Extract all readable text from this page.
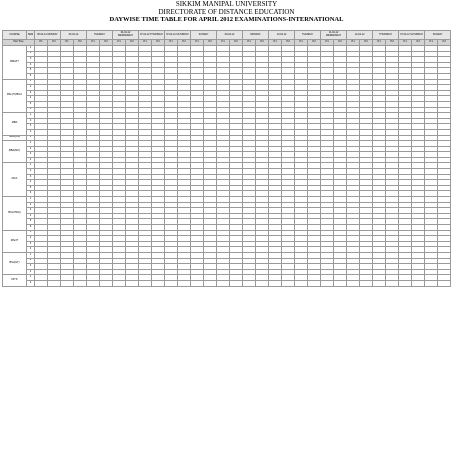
SIKKIM MANIPAL UNIVERSITY
DIRECTORATE OF DISTANCE EDUCATION
DAYWISE TIME TABLE FOR APRIL 2012 EXAMINATIONS-INTERNATIONAL
COURSE	SEM	05-04-12 MONDAY		03-04-12		TUESDAY		04-04-12 WEDNESDAY		07-04-12 THURSDAY		07-04-12 SATURDAY		SUNDAY		09-04-12		MONDAY		10-04-12		TUESDAY		11-04-12 WEDNESDAY		12-04-12		THURSDAY		07-04-12 SATURDAY		SUNDAY	
Part Time		P.1	P.2	P.1	P.2	P.1	P.2	P.1	P.2	P.1	P.2	P.1	P.2	P.1	P.2	P.1	P.2	P.1	P.2	P.1	P.2	P.1	P.2	P.1	P.2	P.1	P.2	P.1	P.2	P.1	P.2	P.1	P.2
MBA/IT	1																																
	2																																
	3																																
	4																																
	5																																
	6																																
BSc(IT)/BCA	1																																
	2																																
	3																																
	4																																
	5																																
	6																																
MBA	1																																
	2																																
	3																																
	4																																
MBA(Intl)	1																																
BBA(MC)	1																																
	2																																
	3																																
	4																																
MCA	1																																
	2																																
	3																																
	4																																
	5																																
	6																																
BSc(ITES)	1																																
	2																																
	3																																
	4																																
	5																																
	6																																
MScIT	1																																
	2																																
	3																																
	4																																
BSc(HT)	1																																
	2																																
	3																																
	4																																
DITS	1																																
	2																																
